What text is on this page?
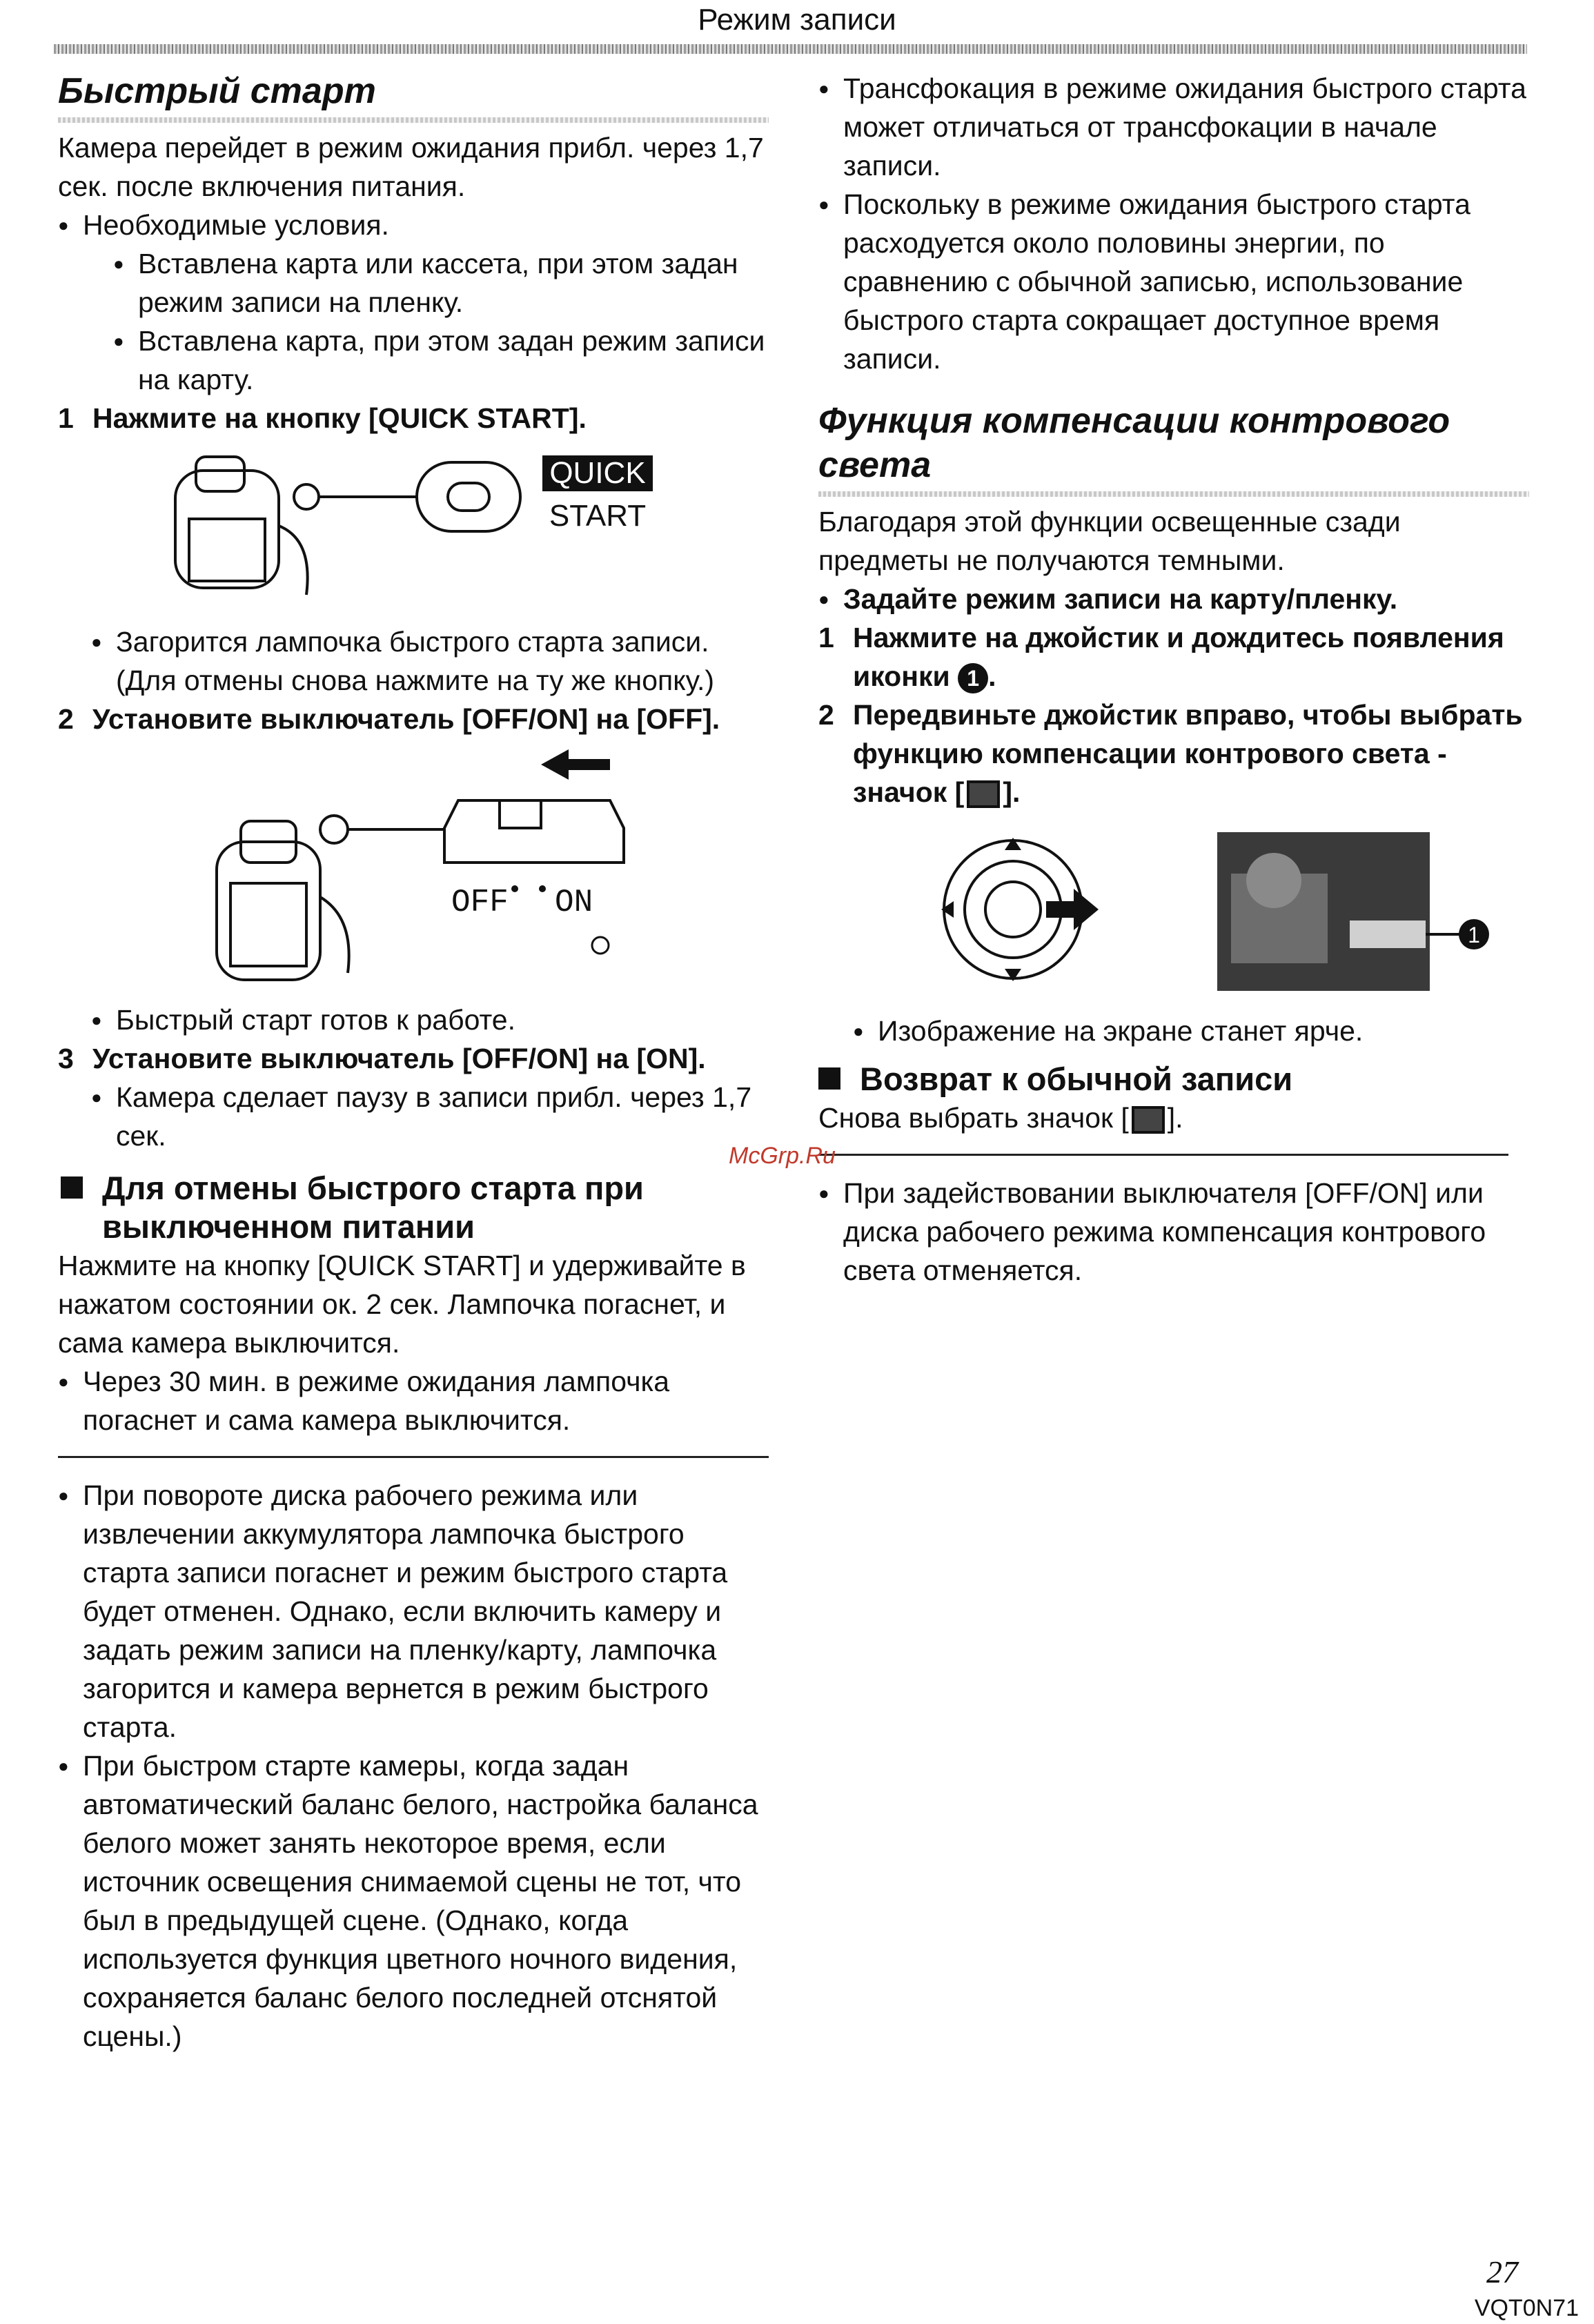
Режим записи
Быстрый старт

Камера перейдет в режим ожидания прибл. через 1,7 сек. после включения питания.

● Необходимые условия.

● Вставлена карта или кассета, при этом задан режим записи на пленку.

● Вставлена карта, при этом задан режим записи на карту.

1 Нажмите на кнопку [QUICK START].
QUICK
START

● Загорится лампочка быстрого старта записи. (Для отмены снова нажмите на ту же кнопку.)

2 Установите выключатель [OFF/ON] на [OFF].
OFF ON

● Быстрый старт готов к работе.

3 Установите выключатель [OFF/ON] на [ON].

● Камера сделает паузу в записи прибл. через 1,7 сек.

Для отмены быстрого старта при выключенном питании

Нажмите на кнопку [QUICK START] и удерживайте в нажатом состоянии ок. 2 сек. Лампочка погаснет, и сама камера выключится.

● Через 30 мин. в режиме ожидания лампочка погаснет и сама камера выключится.

● При повороте диска рабочего режима или извлечении аккумулятора лампочка быстрого старта записи погаснет и режим быстрого старта будет отменен. Однако, если включить камеру и задать режим записи на пленку/карту, лампочка загорится и камера вернется в режим быстрого старта.

● При быстром старте камеры, когда задан автоматический баланс белого, настройка баланса белого может занять некоторое время, если источник освещения снимаемой сцены не тот, что был в предыдущей сцене. (Однако, когда используется функция цветного ночного видения, сохраняется баланс белого последней отснятой сцены.)

● Трансфокация в режиме ожидания быстрого старта может отличаться от трансфокации в начале записи.

● Поскольку в режиме ожидания быстрого старта расходуется около половины энергии, по сравнению с обычной записью, использование быстрого старта сокращает доступное время записи.

Функция компенсации контрового света

Благодаря этой функции освещенные сзади предметы не получаются темными.

● Задайте режим записи на карту/пленку.

1 Нажмите на джойстик и дождитесь появления иконки 1 .
2 Передвиньте джойстик вправо, чтобы выбрать функцию компенсации контрового света - значок [ ].
1

● Изображение на экране станет ярче.

Возврат к обычной записи

Снова выбрать значок [ ].

● При задействовании выключателя [OFF/ON] или диска рабочего режима компенсация контрового света отменяется.

McGrp.Ru
27
VQT0N71
